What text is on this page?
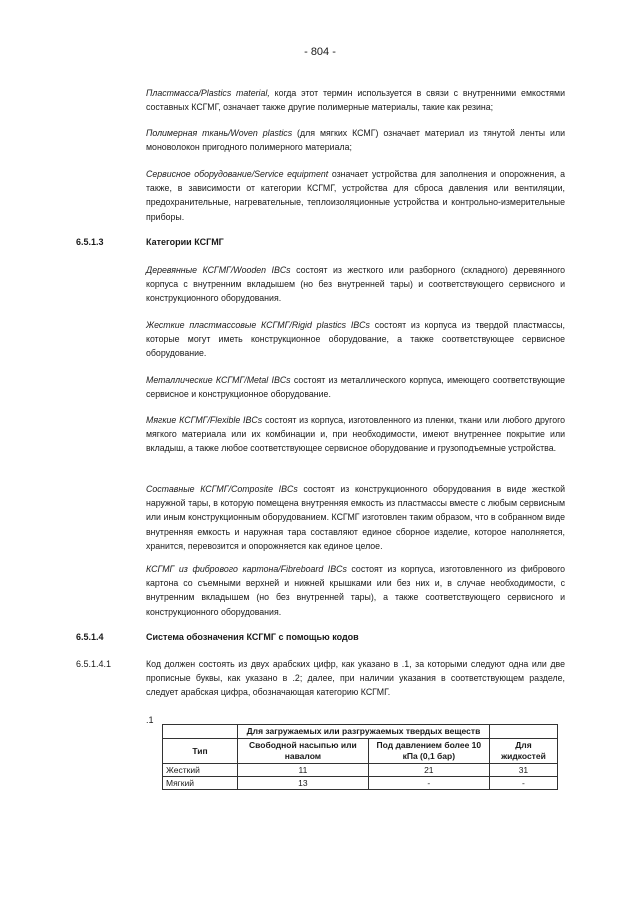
- 804 -

Пластмасса/Plastics material, когда этот термин используется в связи с внутренними емкостями составных КСГМГ, означает также другие полимерные материалы, такие как резина;

Полимерная ткань/Woven plastics (для мягких КСМГ) означает материал из тянутой ленты или моноволокон пригодного полимерного материала;

Сервисное оборудование/Service equipment означает устройства для заполнения и опорожнения, а также, в зависимости от категории КСГМГ, устройства для сброса давления или вентиляции, предохранительные, нагревательные, теплоизоляционные устройства и контрольно-измерительные приборы.

6.5.1.3	Категории КСГМГ

Деревянные КСГМГ/Wooden IBCs состоят из жесткого или разборного (складного) деревянного корпуса с внутренним вкладышем (но без внутренней тары) и соответствующего сервисного и конструкционного оборудования.

Жесткие пластмассовые КСГМГ/Rigid plastics IBCs состоят из корпуса из твердой пластмассы, которые могут иметь конструкционное оборудование, а также соответствующее сервисное оборудование.

Металлические КСГМГ/Metal IBCs состоят из металлического корпуса, имеющего соответствующие сервисное и конструкционное оборудование.

Мягкие КСГМГ/Flexible IBCs состоят из корпуса, изготовленного из пленки, ткани или любого другого мягкого материала или их комбинации и, при необходимости, имеют внутреннее покрытие или вкладыш, а также любое соответствующее сервисное оборудование и грузоподъемные устройства.

Составные КСГМГ/Composite IBCs состоят из конструкционного оборудования в виде жесткой наружной тары, в которую помещена внутренняя емкость из пластмассы вместе с любым сервисным или иным конструкционным оборудованием. КСГМГ изготовлен таким образом, что в собранном виде внутренняя емкость и наружная тара составляют единое сборное изделие, которое наполняется, хранится, перевозится и опорожняется как единое целое.

КСГМГ из фибрового картона/Fibreboard IBCs состоят из корпуса, изготовленного из фибрового картона со съемными верхней и нижней крышками или без них и, в случае необходимости, с внутренним вкладышем (но без внутренней тары), а также соответствующего сервисного и конструкционного оборудования.

6.5.1.4	Система обозначения КСГМГ с помощью кодов
6.5.1.4.1	Код должен состоять из двух арабских цифр, как указано в .1, за которыми следуют одна или две прописные буквы, как указано в .2; далее, при наличии указания в соответствующем разделе, следует арабская цифра, обозначающая категорию КСГМГ.

.1
	Для загружаемых или разгружаемых твердых веществ		
Тип	Свободной насыпью или навалом	Под давлением более 10 кПа (0,1 бар)	Для жидкостей
Жесткий	11	21	31
Мягкий	13	-	-
